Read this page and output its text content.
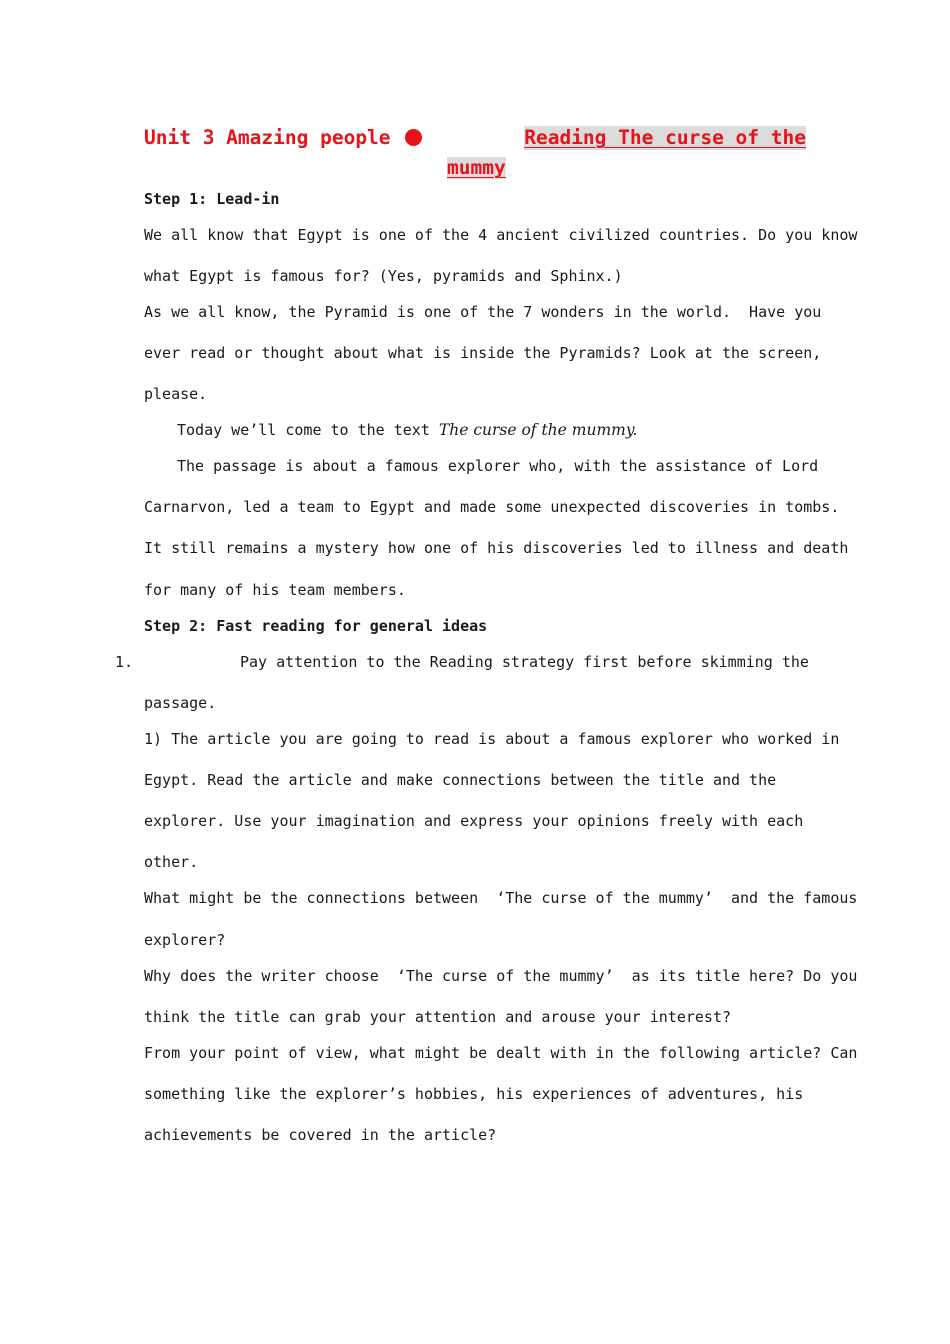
Unit 3 Amazing people	Reading The curse of the
mummy
Step 1: Lead-in
We all know that Egypt is one of the 4 ancient civilized countries. Do you know
what Egypt is famous for? (Yes, pyramids and Sphinx.)
As we all know, the Pyramid is one of the 7 wonders in the world.  Have you
ever read or thought about what is inside the Pyramids? Look at the screen,
please.
Today we’ll come to the text The curse of the mummy.
The passage is about a famous explorer who, with the assistance of Lord
Carnarvon, led a team to Egypt and made some unexpected discoveries in tombs.
It still remains a mystery how one of his discoveries led to illness and death
for many of his team members.
Step 2: Fast reading for general ideas
1.	Pay attention to the Reading strategy first before skimming the
passage.
1) The article you are going to read is about a famous explorer who worked in
Egypt. Read the article and make connections between the title and the
explorer. Use your imagination and express your opinions freely with each
other.
What might be the connections between  ‘The curse of the mummy’  and the famous
explorer?
Why does the writer choose  ‘The curse of the mummy’  as its title here? Do you
think the title can grab your attention and arouse your interest?
From your point of view, what might be dealt with in the following article? Can
something like the explorer’s hobbies, his experiences of adventures, his
achievements be covered in the article?
